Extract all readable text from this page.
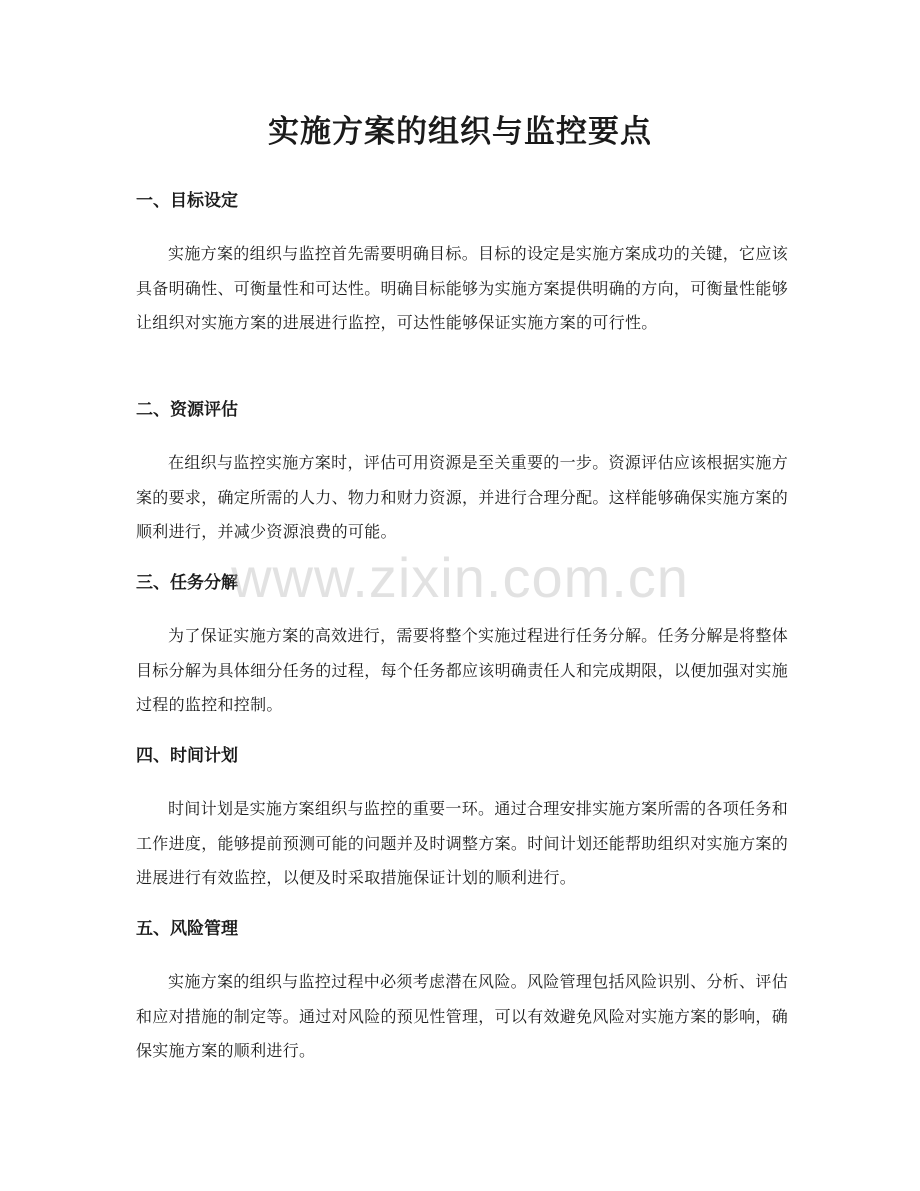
实施方案的组织与监控要点
一、目标设定

实施方案的组织与监控首先需要明确目标。目标的设定是实施方案成功的关键，它应该具备明确性、可衡量性和可达性。明确目标能够为实施方案提供明确的方向，可衡量性能够让组织对实施方案的进展进行监控，可达性能够保证实施方案的可行性。

二、资源评估

在组织与监控实施方案时，评估可用资源是至关重要的一步。资源评估应该根据实施方案的要求，确定所需的人力、物力和财力资源，并进行合理分配。这样能够确保实施方案的顺利进行，并减少资源浪费的可能。

三、任务分解

为了保证实施方案的高效进行，需要将整个实施过程进行任务分解。任务分解是将整体目标分解为具体细分任务的过程，每个任务都应该明确责任人和完成期限，以便加强对实施过程的监控和控制。

四、时间计划

时间计划是实施方案组织与监控的重要一环。通过合理安排实施方案所需的各项任务和工作进度，能够提前预测可能的问题并及时调整方案。时间计划还能帮助组织对实施方案的进展进行有效监控，以便及时采取措施保证计划的顺利进行。

五、风险管理

实施方案的组织与监控过程中必须考虑潜在风险。风险管理包括风险识别、分析、评估和应对措施的制定等。通过对风险的预见性管理，可以有效避免风险对实施方案的影响，确保实施方案的顺利进行。

www.zixin.com.cn
